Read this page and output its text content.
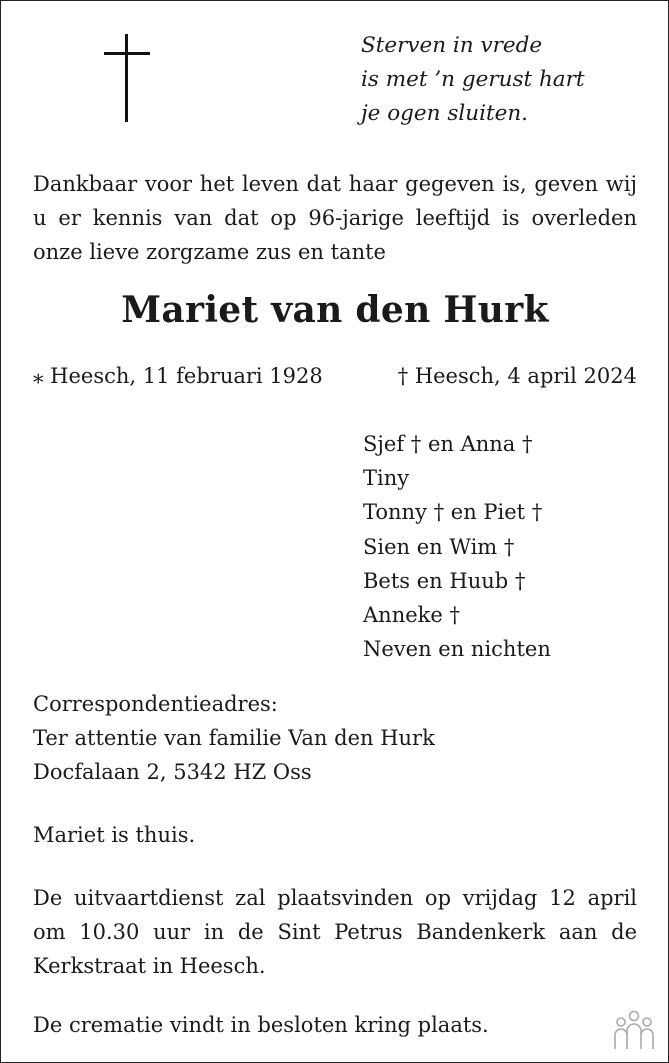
Sterven in vrede
is met ’n gerust hart
je ogen sluiten.
Dankbaar voor het leven dat haar gegeven is, geven wij u er kennis van dat op 96-jarige leeftijd is overleden onze lieve zorgzame zus en tante
Mariet van den Hurk
⁎ Heesch, 11 februari 1928	† Heesch, 4 april 2024
Sjef † en Anna †
Tiny
Tonny † en Piet †
Sien en Wim †
Bets en Huub †
Anneke †
Neven en nichten
Correspondentieadres:
Ter attentie van familie Van den Hurk
Docfalaan 2, 5342 HZ Oss
Mariet is thuis.
De uitvaartdienst zal plaatsvinden op vrijdag 12 april om 10.30 uur in de Sint Petrus Bandenkerk aan de Kerkstraat in Heesch.
De crematie vindt in besloten kring plaats.
